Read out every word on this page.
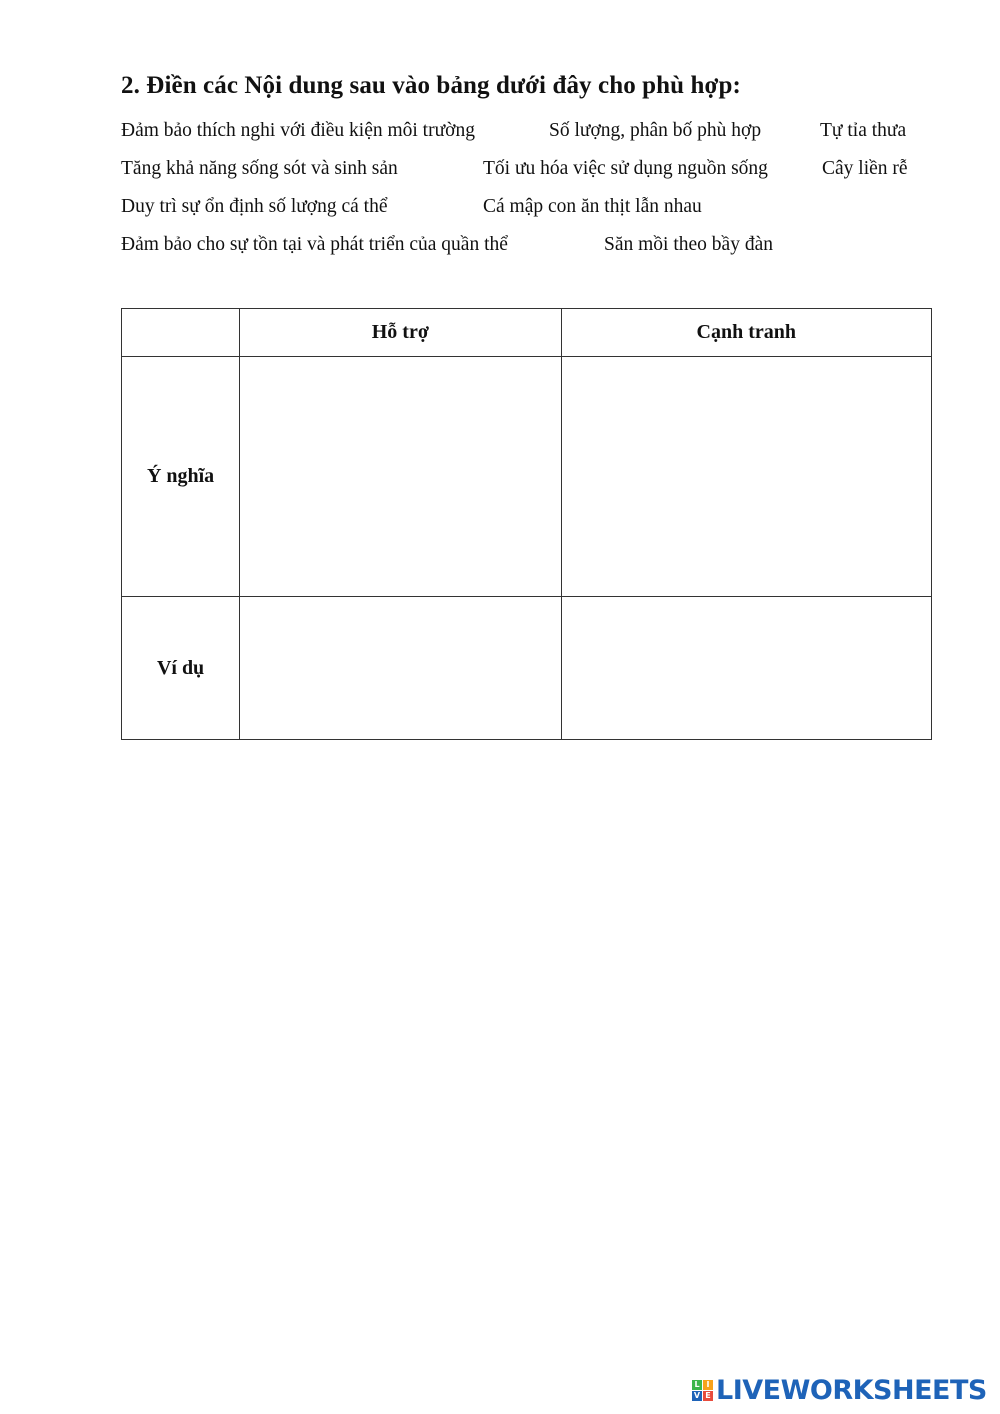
2. Điền các Nội dung sau vào bảng dưới đây cho phù hợp:
Đảm bảo thích nghi với điều kiện môi trường	Số lượng, phân bố phù hợp	Tự tỉa thưa
Tăng khả năng sống sót và sinh sản	Tối ưu hóa việc sử dụng nguồn sống	Cây liền rễ
Duy trì sự ổn định số lượng cá thể	Cá mập con ăn thịt lẫn nhau
Đảm bảo cho sự tồn tại và phát triển của quần thể	Săn mồi theo bầy đàn
	Hỗ trợ	Cạnh tranh
Ý nghĩa		
Ví dụ		
L I
V E LIVEWORKSHEETS
